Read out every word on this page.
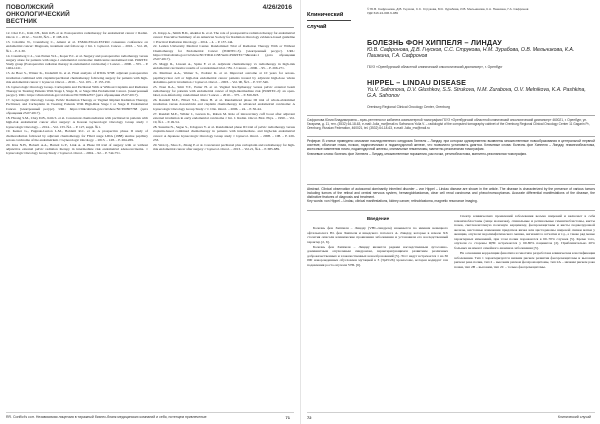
ПОВОЛЖСКИЙ
ОНКОЛОГИЧЕСКИЙ
ВЕСТНИК
4/26/2016
12. Choi E.C., Kim J.H., Kim O.B. et al. Postoperative radiotherapy for endometrial cancer // Radiat. Oncol. J. – 2012. – Vol.30, №3. – P. 108-116.
13. Colombo N., Creutzberg C., Amant et al. ESMO-ESGO-ESTRO consensus conference on endometrial cancer: Diagnosis, treatment and follow-up // Int. J. Gynecol. Cancer. – 2016. – Vol. 26, №1. – P. 2-30.
14. Creutzberg C.L., van Putten W.L., Koper P.C. et al. Surgery and postoperative radiotherapy versus surgery alone for patients with stage-1 endometrial carcinoma: multicentre randomised trial. PORTEC Study group (Postoperative radiation therapy in endometrial carcinoma) // Lancet. – 2000. – 355. – P. 1404-1411.
15. de Boer S., Winter K., Underhill K. et al. Final analysis of RTOG 9708: adjuvant postoperative irradiation combined with cisplatin/paclitaxel chemotherapy following surgery for patients with high-risk endometrial cancer // Gynecol. Oncol. – 2016. – Vol. 103. – P. 155-159.
16. Gynecologic Oncology Group. Carboplatin and Paclitaxel With or Without Cisplatin and Radiation Therapy in Treating Patients With Stage I, Stage II, or Stage IIIA Endometrial Cancer. [электронный ресурс]. URL: https://clinicaltrials.gov/ct2/show/NCT00942357 (дата обращения 23.07.2017).
17. Gynecologic Oncology Group. Pelvic Radiation Therapy or Vaginal Implant Radiation Therapy, Paclitaxel, and Carboplatin in Treating Patients With High-Risk Stage I or Stage II Endometrial Cancer. [электронный ресурс]. URL: https://clinicaltrials.gov/ct2/show/NCT00807768 (дата обращения 23.07.2017).
18. Hwang S.M., Chay D.B., Kim S. et al. Concurrent chemoradiation with paclitaxel in patients with high-risk endometrial cancer after surgery: A Korean Gynecologic Oncology Group study // Gynecologic Oncology. – 2014. – Vol. 133. №1. – P. 127, suppl. №1.
19. Kenter G., Pugnale-Lurton L.M., Boldetti R.C. et al. A prospective phase II study of chemoradiation followed by adjuvant chemotherapy for FIGO stage I-IIIA (1988) uterine papillary serous carcinoma of the endometrium // Gynecologic Oncology. – 2013. – 128. – P. 264-269.
20. Kiss N.H., Boberti A.A., Barrett G.Y., Link A. A Phase III trial of surgery with or without adjunctive external pelvic radiation therapy in intermediate risk endometrial adenocarcinoma. // Gynecologic Oncology Group Study // Gynecol. Oncol. – 2004. – 92. – P. 744-751.
21. Klopp A., Smith B.D., Alektiar K. et al. The role of postoperative radiation therapy for endometrial cancer: Executive Summary of an American Society for Radiation Oncology evidence-based guideline // Practical Radiation Oncology. – 2014. – 4. – P. 137-144.
22. Leiden University Medical Center. Randomized Trial of Radiation Therapy With or Without Chemotherapy for Endometrial Cancer (PORTEC-3). [электронный ресурс]. URL: https://clinicaltrials.gov/ct2/show/NCT00411138?term=PORTEC+3&rank=1 (дата обращения 23.07.2017).
23. Maggi R., Lissoni A., Spina F. et al. Adjuvant chemotherapy vs radiotherapy in high-risk endometrial carcinoma: results of a randomised trial // Br. J. Cancer. – 2006. – 95. – P. 266-271.
24. Martinez A.A., Weiner S., Podratz K. et al. Improved outcome at 10 years for serous-papillary/clear cell or high-risk endometrial cancer patients treated by adjuvant high-dose whole abdomino-pelvic irradiation // Gynecol. Oncol. – 2003. – Vol. 90, №3. – P. 537-546.
25. Nout R.A., Smit V.T., Putter H. et al. Vaginal brachytherapy versus pelvic external beam radiotherapy for patients with endometrial cancer of high-intermediate risk (PORTEC-2): an open-label, non-inferiority, randomised trial // Lancet. – 2010. – 375. – P. 816-823.
26. Randall M.E., Filiaci V.L., Muss H. et al. Randomized phase III trial of whole-abdominal irradiation versus doxorubicin and cisplatin chemotherapy in advanced endometrial carcinoma: A Gynecologic Oncology Group Study // J. Clin. Oncol. – 2006. – 24. – P. 36-44.
27. Randall M.E., Wilder J., Greven K., Raben M. Role of intracavitary cuff boost after adjuvant external irradiation in early endometrial carcinoma // Int. J. Radiat. Oncol. Biol. Phys. – 1990. – Vol. 19, №1. – P. 49-54.
28. Susumu N., Sagae S., Udagawa Y. et al. Randomized phase III trial of pelvic radiotherapy versus cisplatin-based combined chemotherapy in patients with intermediate- and high-risk endometrial cancer: A Japanese Gynecologic Oncology Group study // Gynecol. Oncol. – 2008. – 108. – P. 226-233.
29. Wen Q., Shao Z., Zhang P. et al. Concurrent paclitaxel plus carboplatin and radiotherapy for high-risk endometrial cancer after surgery // Gynecol. Oncol. – 2013. – Vol.21, №4. – P. 685-689.
RR. Conflict's corr. Независимая лицензия в тиражный бизнес-бланк медицинских компаний и себя, потенцем привлеченые	71
Клинический случай
© Ю.В. Сафронова, Д.В. Гнусков, С.С. Струкова, М.К. Зурабова, И.В. Мельникова, К.А. Пашкина, Г.А. Сафронов
УДК 616.24-006.6-089
БОЛЕЗНЬ ФОН ХИППЕЛЯ – ЛИНДАУ
Ю.В. Сафронова, Д.В. Гнусков, С.С. Струкова, Н.М. Зурабова, О.В. Мельникова, К.А. Пашкина, Г.А. Сафронов
ГБУЗ «Оренбургский областной клинический онкологический диспансер», г. Оренбург
HIPPEL – LINDAU DISEASE
Yu.V. Safronova, D.V. Glushkov, S.S. Strukova, N.M. Zurabova, O.V. Melnikova, K.A. Pashkina, G.A. Safronov
Orenburg Regional Clinical Oncology Center, Orenburg
Сафронова Юлия Владимировна – врач-рентгенолог кабинета компьютерной томографии ГБУЗ «Оренбургский областной клинический онкологический диспансер» 460021, г. Оренбург, ул. Гагарина, д. 11, тел. (3532) 64-18-63, e-mail: Julia_rrw@mail.ru Safronova Yulia V. – radiologist of the computed tomography cabinet of the Orenburg Regional Clinical Oncology Center 11 Gagarin Pr., Orenburg, Russian Federation, 460021, tel. (3532) 64-18-63, e-mail: Julia_rrw@mail.ru
Реферат. В статье приведено описание наследственного синдрома Гиппеля – Линдау, при котором одновременно выявлены множественные новообразования в центральной нервной системе, оболочке глаза, почках, надпочечниках и поджелудочной железе, что позволило установить диагноз. Ключевые слова: болезнь фон Хиппеля – Линдау, гемангиобластома, кистозные изменения почек, поджелудочной железы, спинальные гемангиомы, магнитно-резонансная томография.
Ключевые слова: болезнь фон Хиппеля – Линдау, множественные поражения, рак почки, ретинобластома, магнитно-резонансная томография.
Abstract. Clinical observation of autosomal dominantly inherited disorder – von Hippel – Lindau disease are shown in the article. The disease is characterized by the presence of various tumors including tumors of the retinal and central nervous system, hemangioblastomas, clear cell renal carcinoma and pheochromocytomas. Accurate differential manifestations of the disease, the distinctive features of diagnosis and treatment.
Key words: von Hippel – Lindau, clinical manifestations, kidney cancer, retinoblastoma, magnetic resonance imaging.
Введение

Болезнь фон Хиппеля – Линдау (VHL-синдром) называется по именам немецкого офтальмолога Ю. фон Хиппеля и шведского патолога А. Линдау, которые в начале XX столетия описали клинические проявления заболевания и установили его наследственный характер [2, 6].

Болезнь фон Хиппеля – Линдау является редким наследственным аутосомно-доминантным опухолевым синдромом, характеризующимся развитием различных доброкачественных и злокачественных новообразований [5]. Этот недуг встречается 1 на 36 000 новорожденных обусловлен мутацией в 3 (3p25/26) хромосоме, которая кодирует ген подавления роста опухоли VHL [6].

Спектр клинических проявлений заболевания весьма широкий и включает в себя гемангиобластомы (чаще мозжечка), спинальные и ретинальные гемангиобластомы, кисты почек, светлоклеточную почечную карциному, феохромоцитомы и кисты поджелудочной железы, кистозные изменения придатков яичка или цистаденомы широкой связки матки у женщин, опухоли эндолимфатического мешка, ангиоматоз сетчатки и т.д., а также ряд менее характерных изменений, при этом почки поражаются в 60–70% случаев [5]. Кроме того, опухоли со стороны ЦНС встречаются у 60-80% пациентов [2]. Приблизительно 20% больных не имеют семейного анамнеза заболевания [3].

На основании корреляции фенотипа и генотипа разработана клиническая классификация заболевания. Тип 1 характеризуется низким риском развития феохромоцитомы и высоким риском рака почки, тип 2 – высоким риском феохромоцитомы, тип 2А – низким риском рака почки, тип 2В – высоким, тип 2С – только феохромоцитомы.

72	Клинический случай
